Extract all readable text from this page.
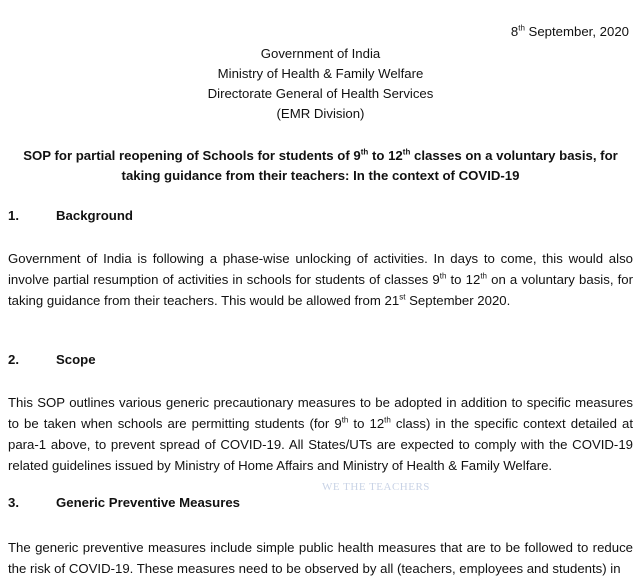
8th September, 2020
Government of India
Ministry of Health & Family Welfare
Directorate General of Health Services
(EMR Division)
SOP for partial reopening of Schools for students of 9th to 12th classes on a voluntary basis, for taking guidance from their teachers: In the context of COVID-19
1.	Background
Government of India is following a phase-wise unlocking of activities. In days to come, this would also involve partial resumption of activities in schools for students of classes 9th to 12th on a voluntary basis, for taking guidance from their teachers. This would be allowed from 21st September 2020.
2.	Scope
This SOP outlines various generic precautionary measures to be adopted in addition to specific measures to be taken when schools are permitting students (for 9th to 12th class) in the specific context detailed at para-1 above, to prevent spread of COVID-19. All States/UTs are expected to comply with the COVID-19 related guidelines issued by Ministry of Home Affairs and Ministry of Health & Family Welfare.
WE THE TEACHERS
3.	Generic Preventive Measures
The generic preventive measures include simple public health measures that are to be followed to reduce the risk of COVID-19. These measures need to be observed by all (teachers, employees and students) in
